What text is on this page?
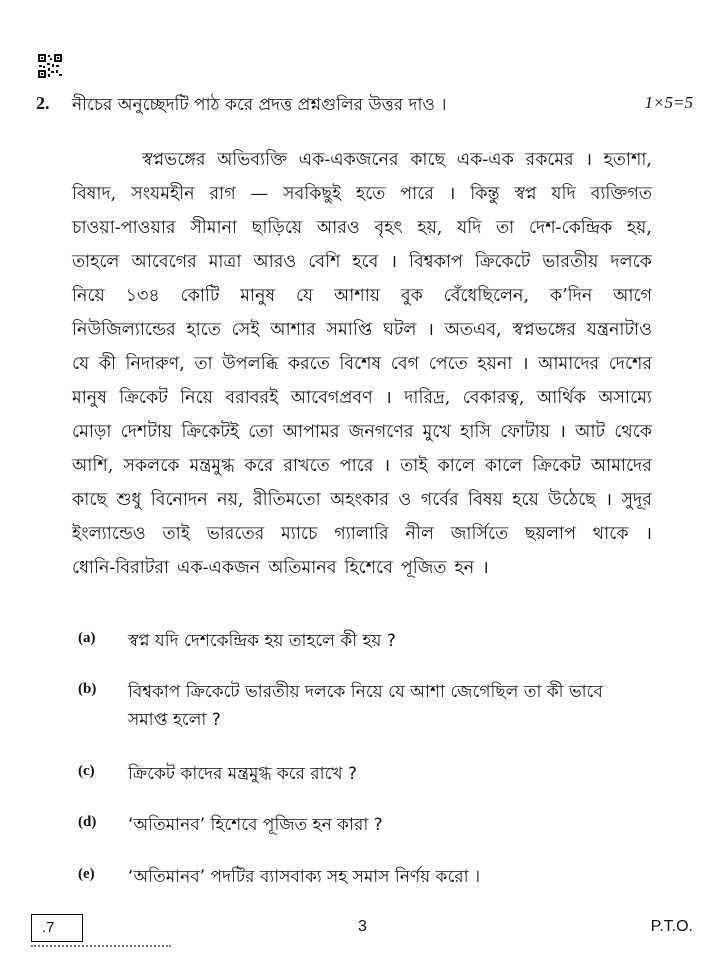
2. নীচের অনুচ্ছেদটি পাঠ করে প্রদত্ত প্রশ্নগুলির উত্তর দাও ।	1×5=5
স্বপ্নভঙ্গের অভিব্যক্তি এক-একজনের কাছে এক-এক রকমের । হতাশা,
বিষাদ, সংযমহীন রাগ — সবকিছুই হতে পারে । কিন্তু স্বপ্ন যদি ব্যক্তিগত
চাওয়া-পাওয়ার সীমানা ছাড়িয়ে আরও বৃহৎ হয়, যদি তা দেশ-কেন্দ্রিক হয়,
তাহলে আবেগের মাত্রা আরও বেশি হবে । বিশ্বকাপ ক্রিকেটে ভারতীয় দলকে
নিয়ে ১৩৪ কোটি মানুষ যে আশায় বুক বেঁধেছিলেন, ক’দিন আগে
নিউজিল্যান্ডের হাতে সেই আশার সমাপ্তি ঘটল । অতএব, স্বপ্নভঙ্গের যন্ত্রনাটাও
যে কী নিদারুণ, তা উপলব্ধি করতে বিশেষ বেগ পেতে হয়না । আমাদের দেশের
মানুষ ক্রিকেট নিয়ে বরাবরই আবেগপ্রবণ । দারিদ্র, বেকারত্ব, আর্থিক অসাম্যে
মোড়া দেশটায় ক্রিকেটই তো আপামর জনগণের মুখে হাসি ফোটায় । আট থেকে
আশি, সকলকে মন্ত্রমুগ্ধ করে রাখতে পারে । তাই কালে কালে ক্রিকেট আমাদের
কাছে শুধু বিনোদন নয়, রীতিমতো অহংকার ও গর্বের বিষয় হয়ে উঠেছে । সুদূর
ইংল্যান্ডেও তাই ভারতের ম্যাচে গ্যালারি নীল জার্সিতে ছয়লাপ থাকে ।
ধোনি-বিরাটরা এক-একজন অতিমানব হিশেবে পূজিত হন ।
(a) স্বপ্ন যদি দেশকেন্দ্রিক হয় তাহলে কী হয় ?
(b) বিশ্বকাপ ক্রিকেটে ভারতীয় দলকে নিয়ে যে আশা জেগেছিল তা কী ভাবে
সমাপ্ত হলো ?
(c) ক্রিকেট কাদের মন্ত্রমুগ্ধ করে রাখে ?
(d) ‘অতিমানব’ হিশেবে পূজিত হন কারা ?
(e) ‘অতিমানব’ পদটির ব্যাসবাক্য সহ সমাস নির্ণয় করো ।
.7	3	P.T.O.
